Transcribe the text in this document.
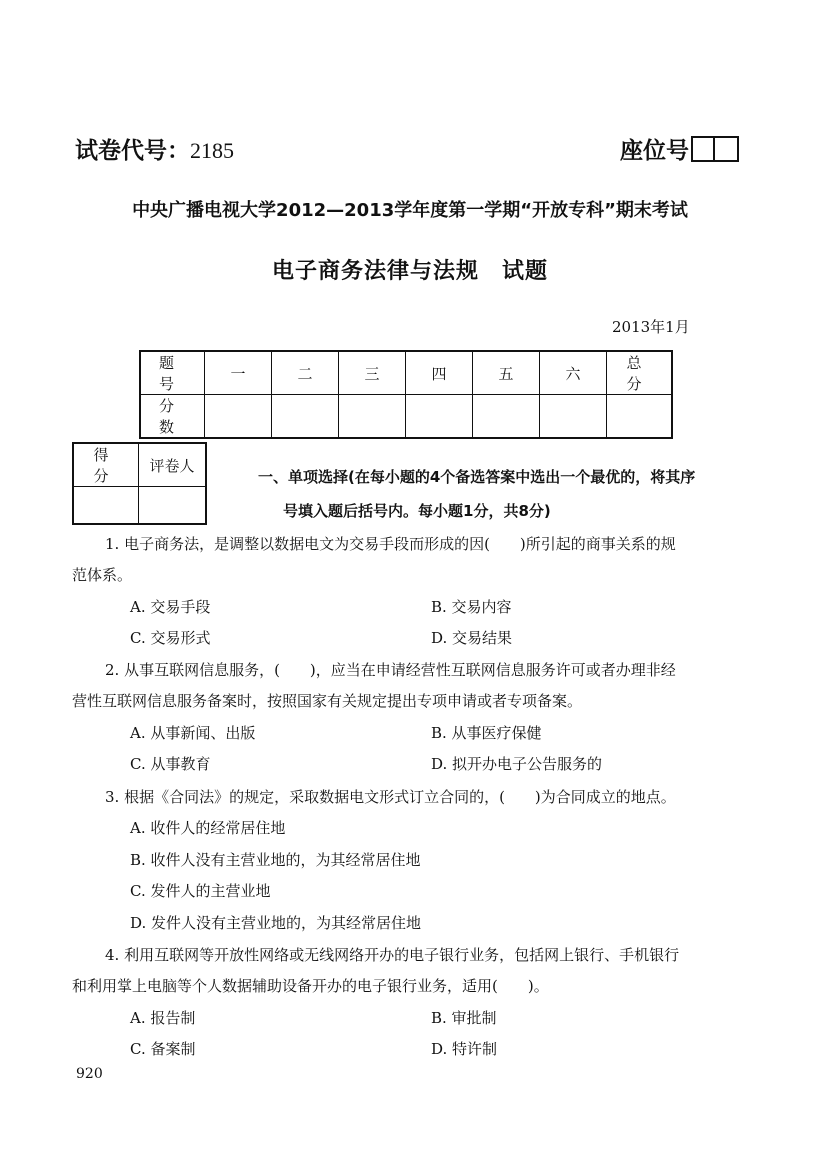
试卷代号：2185	座位号
中央广播电视大学2012—2013学年度第一学期“开放专科”期末考试
电子商务法律与法规　试题
2013年1月
题　号	一	二	三	四	五	六	总　分
分　数							
得　分	评卷人

一、单项选择(在每小题的4个备选答案中选出一个最优的，将其序
号填入题后括号内。每小题1分，共8分)
1. 电子商务法，是调整以数据电文为交易手段而形成的因(　　)所引起的商事关系的规
范体系。
A. 交易手段	B. 交易内容
C. 交易形式	D. 交易结果
2. 从事互联网信息服务，(　　)，应当在申请经营性互联网信息服务许可或者办理非经
营性互联网信息服务备案时，按照国家有关规定提出专项申请或者专项备案。
A. 从事新闻、出版	B. 从事医疗保健
C. 从事教育	D. 拟开办电子公告服务的
3. 根据《合同法》的规定，采取数据电文形式订立合同的，(　　)为合同成立的地点。
A. 收件人的经常居住地
B. 收件人没有主营业地的，为其经常居住地
C. 发件人的主营业地
D. 发件人没有主营业地的，为其经常居住地
4. 利用互联网等开放性网络或无线网络开办的电子银行业务，包括网上银行、手机银行
和利用掌上电脑等个人数据辅助设备开办的电子银行业务，适用(　　)。
A. 报告制	B. 审批制
C. 备案制	D. 特许制
920
